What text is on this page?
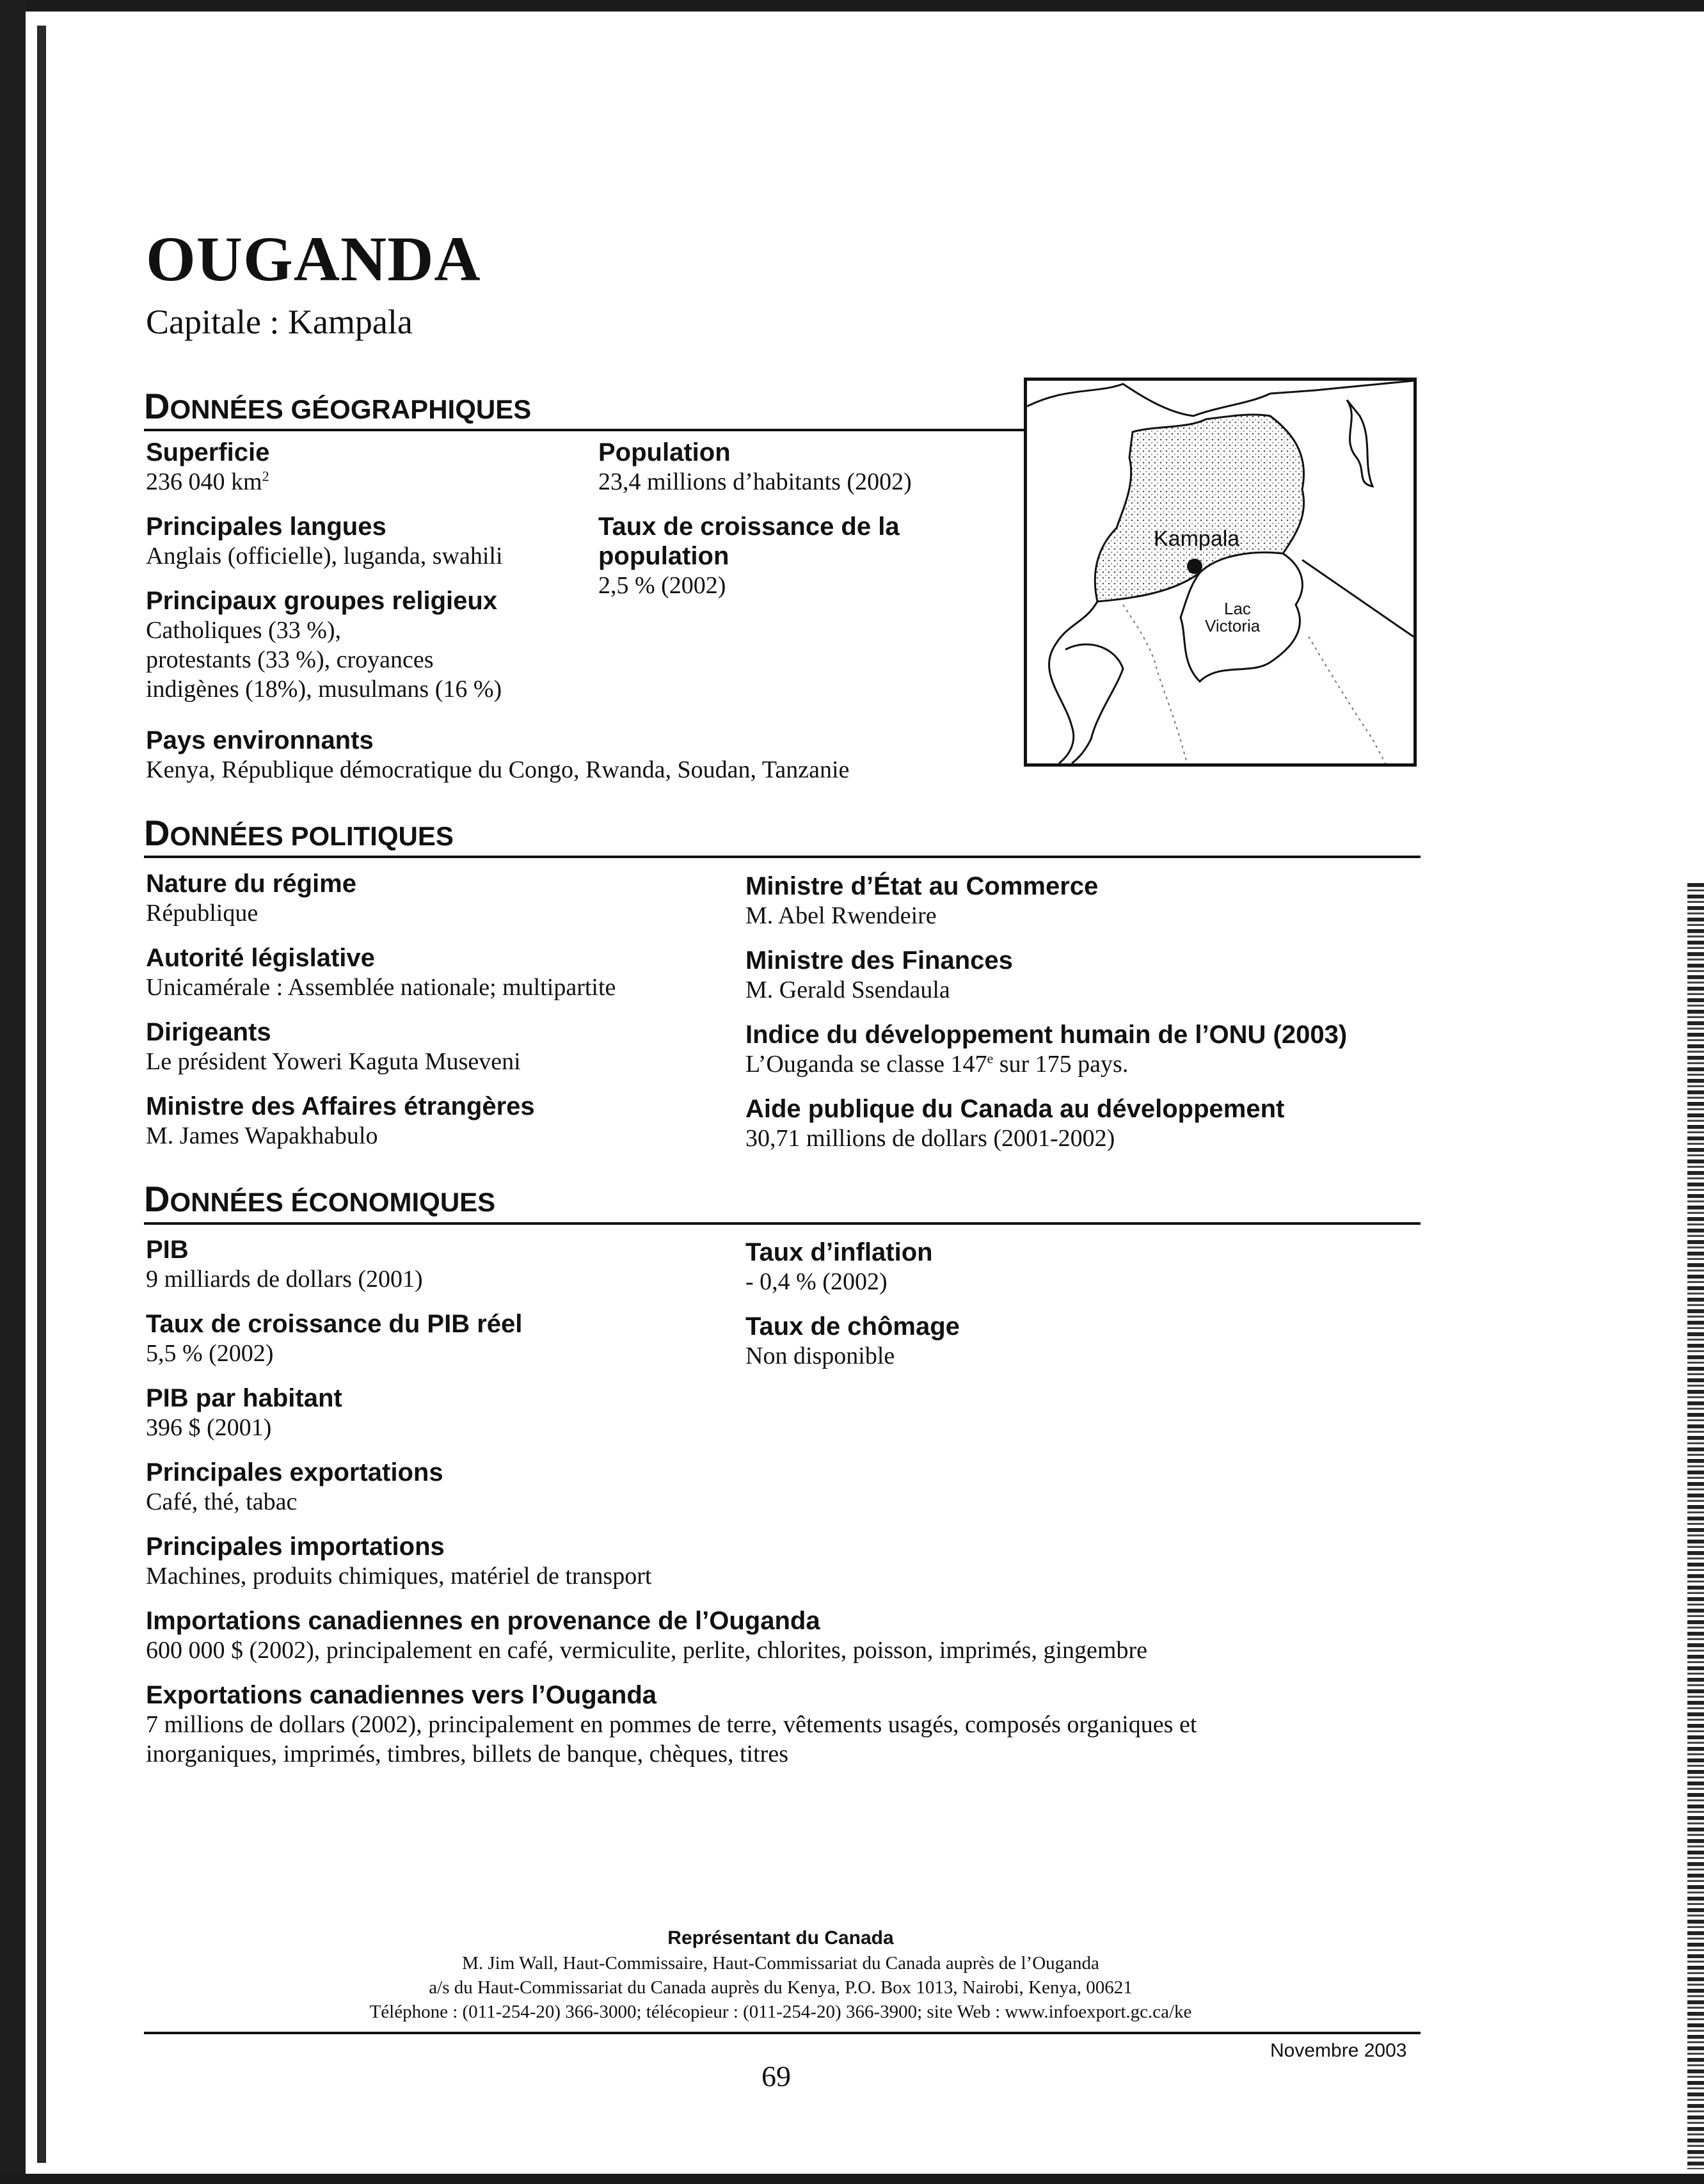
OUGANDA
Capitale : Kampala
DONNÉES GÉOGRAPHIQUES
Superficie
236 040 $km^2$
Population
23,4 millions d’habitants (2002)
Principales langues
Anglais (officielle), luganda, swahili
Taux de croissance de la
population
2,5 % (2002)
Principaux groupes religieux
Catholiques (33 %),
protestants (33 %), croyances
indigènes (18%), musulmans (16 %)
Pays environnants
Kenya, République démocratique du Congo, Rwanda, Soudan, Tanzanie
Kampala
Lac
Victoria
DONNÉES POLITIQUES
Nature du régime
République
Autorité législative
Unicamérale : Assemblée nationale; multipartite
Dirigeants
Le président Yoweri Kaguta Museveni
Ministre des Affaires étrangères
M. James Wapakhabulo
Ministre d’État au Commerce
M. Abel Rwendeire
Ministre des Finances
M. Gerald Ssendaula
Indice du développement humain de l’ONU (2003)
L’Ouganda se classe 147e sur 175 pays.
Aide publique du Canada au développement
30,71 millions de dollars (2001-2002)
DONNÉES ÉCONOMIQUES
PIB
9 milliards de dollars (2001)
Taux de croissance du PIB réel
5,5 % (2002)
PIB par habitant
396 $ (2001)
Principales exportations
Café, thé, tabac
Principales importations
Machines, produits chimiques, matériel de transport
Importations canadiennes en provenance de l’Ouganda
600 000 $ (2002), principalement en café, vermiculite, perlite, chlorites, poisson, imprimés, gingembre
Exportations canadiennes vers l’Ouganda
7 millions de dollars (2002), principalement en pommes de terre, vêtements usagés, composés organiques et
inorganiques, imprimés, timbres, billets de banque, chèques, titres
Taux d’inflation
- 0,4 % (2002)
Taux de chômage
Non disponible
Représentant du Canada
M. Jim Wall, Haut-Commissaire, Haut-Commissariat du Canada auprès de l’Ouganda
a/s du Haut-Commissariat du Canada auprès du Kenya, P.O. Box 1013, Nairobi, Kenya, 00621
Téléphone : (011-254-20) 366-3000; télécopieur : (011-254-20) 366-3900; site Web : www.infoexport.gc.ca/ke
Novembre 2003
69
